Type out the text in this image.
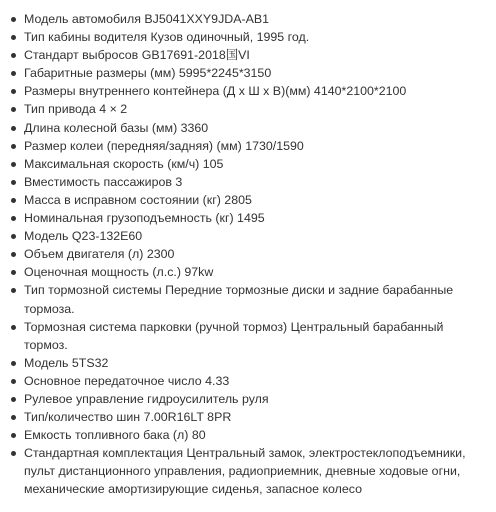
Модель автомобиля BJ5041XXY9JDA-AB1
Тип кабины водителя Кузов одиночный, 1995 год.
Стандарт выбросов GB17691-2018国VI
Габаритные размеры (мм) 5995*2245*3150
Размеры внутреннего контейнера (Д x Ш x В)(мм) 4140*2100*2100
Тип привода 4 × 2
Длина колесной базы (мм) 3360
Размер колеи (передняя/задняя) (мм) 1730/1590
Максимальная скорость (км/ч) 105
Вместимость пассажиров 3
Масса в исправном состоянии (кг) 2805
Номинальная грузоподъемность (кг) 1495
Модель Q23-132E60
Объем двигателя (л) 2300
Оценочная мощность (л.с.) 97kw
Тип тормозной системы Передние тормозные диски и задние барабанные тормоза.
Тормозная система парковки (ручной тормоз) Центральный барабанный тормоз.
Модель 5TS32
Основное передаточное число 4.33
Рулевое управление гидроусилитель руля
Тип/количество шин 7.00R16LT 8PR
Емкость топливного бака (л) 80
Стандартная комплектация Центральный замок, электростеклоподъемники, пульт дистанционного управления, радиоприемник, дневные ходовые огни, механические амортизирующие сиденья, запасное колесо
